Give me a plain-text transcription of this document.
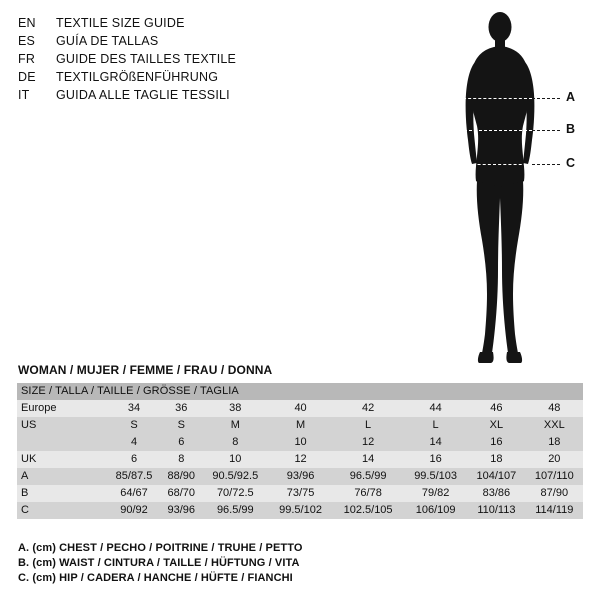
EN	TEXTILE SIZE GUIDE
ES	GUÍA DE TALLAS
FR	GUIDE DES TAILLES TEXTILE
DE	TEXTILGRÖßENFÜHRUNG
IT	GUIDA ALLE TAGLIE TESSILI	A
B
C
WOMAN / MUJER / FEMME / FRAU / DONNA
SIZE / TALLA / TAILLE / GRÖSSE / TAGLIA								
Europe	34	36	38	40	42	44	46	48
US	S	S	M	M	L	L	XL	XXL
	4	6	8	10	12	14	16	18
UK	6	8	10	12	14	16	18	20
A	85/87.5	88/90	90.5/92.5	93/96	96.5/99	99.5/103	104/107	107/110
B	64/67	68/70	70/72.5	73/75	76/78	79/82	83/86	87/90
C	90/92	93/96	96.5/99	99.5/102	102.5/105	106/109	110/113	114/119
A. (cm) CHEST / PECHO / POITRINE / TRUHE / PETTO
B. (cm) WAIST / CINTURA / TAILLE / HÜFTUNG / VITA
C. (cm) HIP / CADERA / HANCHE / HÜFTE / FIANCHI
